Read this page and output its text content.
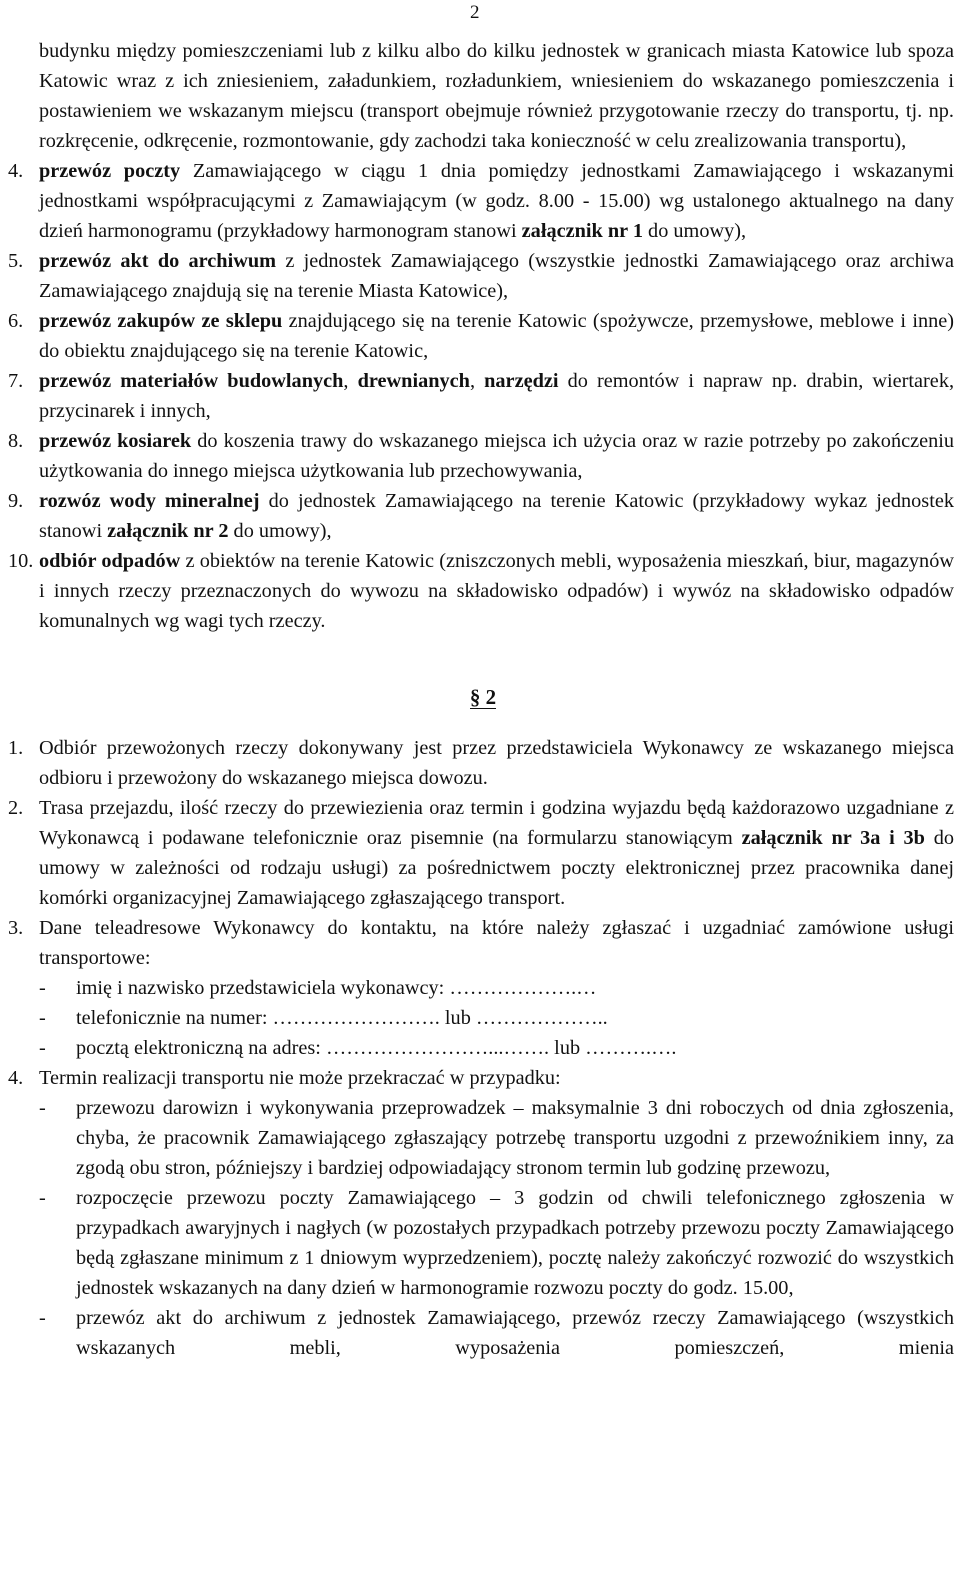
2
budynku między pomieszczeniami lub z kilku albo do kilku jednostek w granicach miasta Katowice lub spoza Katowic wraz z ich zniesieniem, załadunkiem, rozładunkiem, wniesieniem do wskazanego pomieszczenia i postawieniem we wskazanym miejscu (transport obejmuje również przygotowanie rzeczy do transportu, tj. np. rozkręcenie, odkręcenie, rozmontowanie, gdy zachodzi taka konieczność w celu zrealizowania transportu),
4. przewóz poczty Zamawiającego w ciągu 1 dnia pomiędzy jednostkami Zamawiającego i wskazanymi jednostkami współpracującymi z Zamawiającym (w godz. 8.00 - 15.00) wg ustalonego aktualnego na dany dzień harmonogramu (przykładowy harmonogram stanowi załącznik nr 1 do umowy),
5. przewóz akt do archiwum z jednostek Zamawiającego (wszystkie jednostki Zamawiającego oraz archiwa Zamawiającego znajdują się na terenie Miasta Katowice),
6. przewóz zakupów ze sklepu znajdującego się na terenie Katowic (spożywcze, przemysłowe, meblowe i inne) do obiektu znajdującego się na terenie Katowic,
7. przewóz materiałów budowlanych, drewnianych, narzędzi do remontów i napraw np. drabin, wiertarek, przycinarek i innych,
8. przewóz kosiarek do koszenia trawy do wskazanego miejsca ich użycia oraz w razie potrzeby po zakończeniu użytkowania do innego miejsca użytkowania lub przechowywania,
9. rozwóz wody mineralnej do jednostek Zamawiającego na terenie Katowic (przykładowy wykaz jednostek stanowi załącznik nr 2 do umowy),
10. odbiór odpadów z obiektów na terenie Katowic (zniszczonych mebli, wyposażenia mieszkań, biur, magazynów i innych rzeczy przeznaczonych do wywozu na składowisko odpadów) i wywóz na składowisko odpadów komunalnych wg wagi tych rzeczy.
§ 2
1. Odbiór przewożonych rzeczy dokonywany jest przez przedstawiciela Wykonawcy ze wskazanego miejsca odbioru i przewożony do wskazanego miejsca dowozu.
2. Trasa przejazdu, ilość rzeczy do przewiezienia oraz termin i godzina wyjazdu będą każdorazowo uzgadniane z Wykonawcą i podawane telefonicznie oraz pisemnie (na formularzu stanowiącym załącznik nr 3a i 3b do umowy w zależności od rodzaju usługi) za pośrednictwem poczty elektronicznej przez pracownika danej komórki organizacyjnej Zamawiającego zgłaszającego transport.
3. Dane teleadresowe Wykonawcy do kontaktu, na które należy zgłaszać i uzgadniać zamówione usługi transportowe:
- imię i nazwisko przedstawiciela wykonawcy: ……………….…
- telefonicznie na numer: ……………………. lub ………………..
- pocztą elektroniczną na adres: ……………………...……. lub ……….….
4. Termin realizacji transportu nie może przekraczać w przypadku:
- przewozu darowizn i wykonywania przeprowadzek – maksymalnie 3 dni roboczych od dnia zgłoszenia, chyba, że pracownik Zamawiającego zgłaszający potrzebę transportu uzgodni z przewoźnikiem inny, za zgodą obu stron, późniejszy i bardziej odpowiadający stronom termin lub godzinę przewozu,
- rozpoczęcie przewozu poczty Zamawiającego – 3 godzin od chwili telefonicznego zgłoszenia w przypadkach awaryjnych i nagłych (w pozostałych przypadkach potrzeby przewozu poczty Zamawiającego będą zgłaszane minimum z 1 dniowym wyprzedzeniem), pocztę należy zakończyć rozwozić do wszystkich jednostek wskazanych na dany dzień w harmonogramie rozwozu poczty do godz. 15.00,
- przewóz akt do archiwum z jednostek Zamawiającego, przewóz rzeczy Zamawiającego (wszystkich wskazanych mebli, wyposażenia pomieszczeń, mienia
